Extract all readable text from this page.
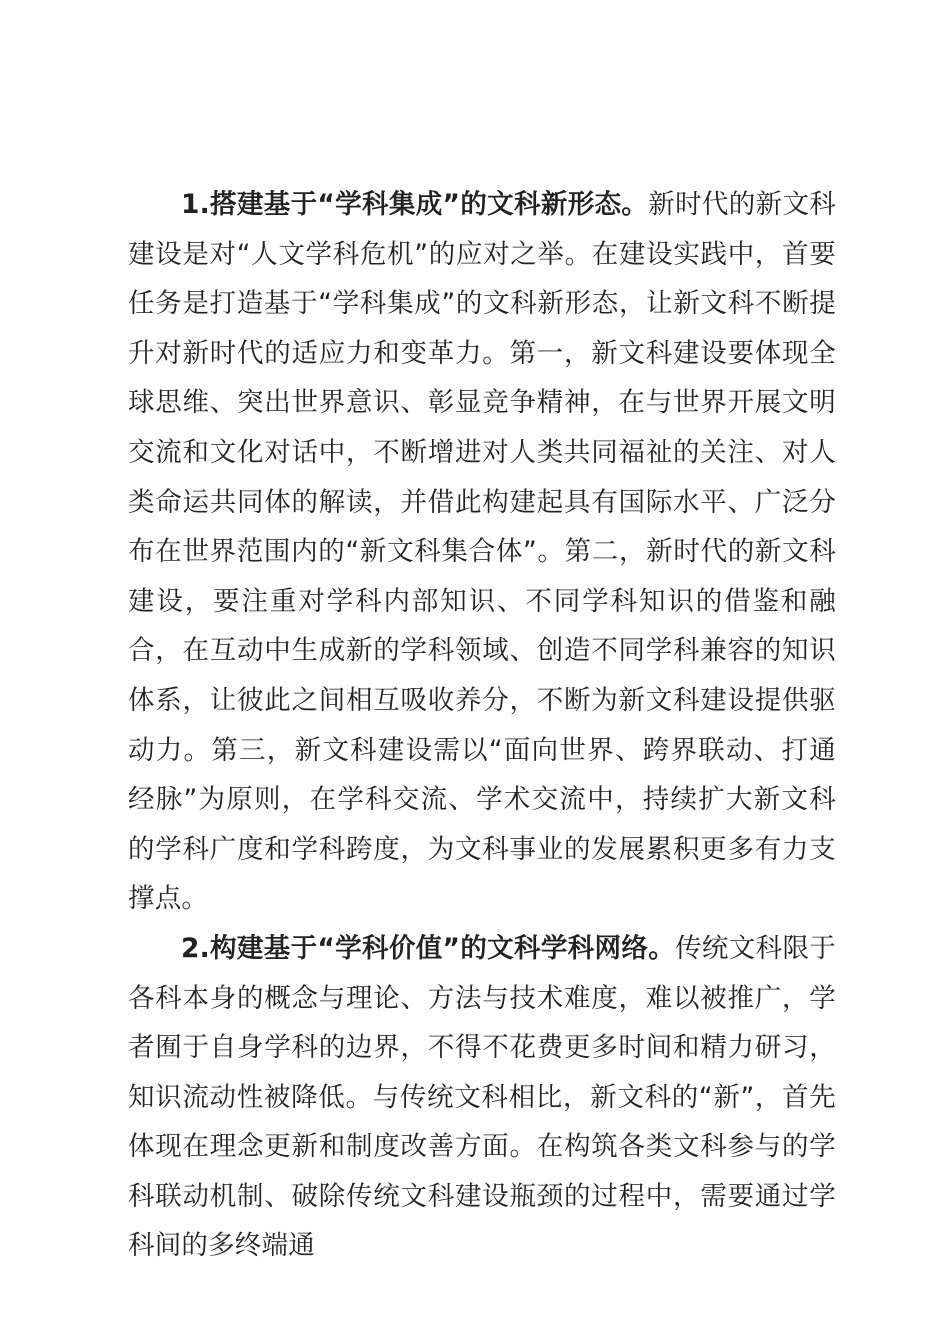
1.搭建基于“学科集成”的文科新形态。新时代的新文科建设是对“人文学科危机”的应对之举。在建设实践中，首要任务是打造基于“学科集成”的文科新形态，让新文科不断提升对新时代的适应力和变革力。第一，新文科建设要体现全球思维、突出世界意识、彰显竞争精神，在与世界开展文明交流和文化对话中，不断增进对人类共同福祉的关注、对人类命运共同体的解读，并借此构建起具有国际水平、广泛分布在世界范围内的“新文科集合体”。第二，新时代的新文科建设，要注重对学科内部知识、不同学科知识的借鉴和融合，在互动中生成新的学科领域、创造不同学科兼容的知识体系，让彼此之间相互吸收养分，不断为新文科建设提供驱动力。第三，新文科建设需以“面向世界、跨界联动、打通经脉”为原则，在学科交流、学术交流中，持续扩大新文科的学科广度和学科跨度，为文科事业的发展累积更多有力支撑点。

2.构建基于“学科价值”的文科学科网络。传统文科限于各科本身的概念与理论、方法与技术难度，难以被推广，学者囿于自身学科的边界，不得不花费更多时间和精力研习，知识流动性被降低。与传统文科相比，新文科的“新”，首先体现在理念更新和制度改善方面。在构筑各类文科参与的学科联动机制、破除传统文科建设瓶颈的过程中，需要通过学科间的多终端通
